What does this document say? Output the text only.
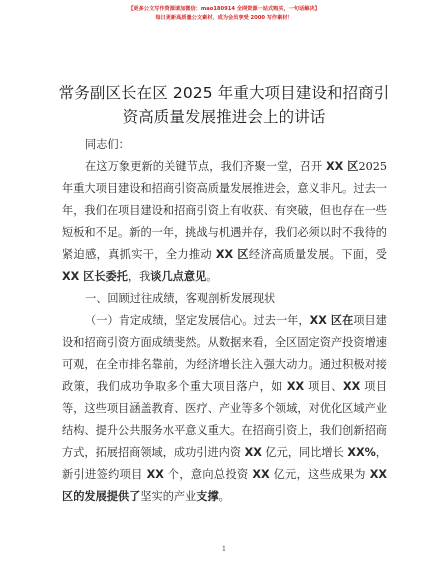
【更多公文写作资源请加微信：mao180914 全网资源一站式购买，一句话解决】
每日更新高质量公文素材，成为会员享受 2000 写作素材！
常务副区长在区 2025 年重大项目建设和招商引资高质量发展推进会上的讲话
同志们：
在这万象更新的关键节点，我们齐聚一堂，召开 XX 区2025 年重大项目建设和招商引资高质量发展推进会，意义非凡。过去一年，我们在项目建设和招商引资上有收获、有突破，但也存在一些短板和不足。新的一年，挑战与机遇并存，我们必须以时不我待的紧迫感，真抓实干，全力推动 XX 区经济高质量发展。下面，受 XX 区长委托，我谈几点意见。
一、回顾过往成绩，客观剖析发展现状
（一）肯定成绩，坚定发展信心。过去一年，XX 区在项目建设和招商引资方面成绩斐然。从数据来看，全区固定资产投资增速可观，在全市排名靠前，为经济增长注入强大动力。通过积极对接政策，我们成功争取多个重大项目落户，如 XX 项目、XX 项目等，这些项目涵盖教育、医疗、产业等多个领域，对优化区域产业结构、提升公共服务水平意义重大。在招商引资上，我们创新招商方式，拓展招商领域，成功引进内资 XX 亿元，同比增长 XX%，新引进签约项目 XX 个，意向总投资 XX 亿元，这些成果为 XX 区的发展提供了坚实的产业支撑。
1
